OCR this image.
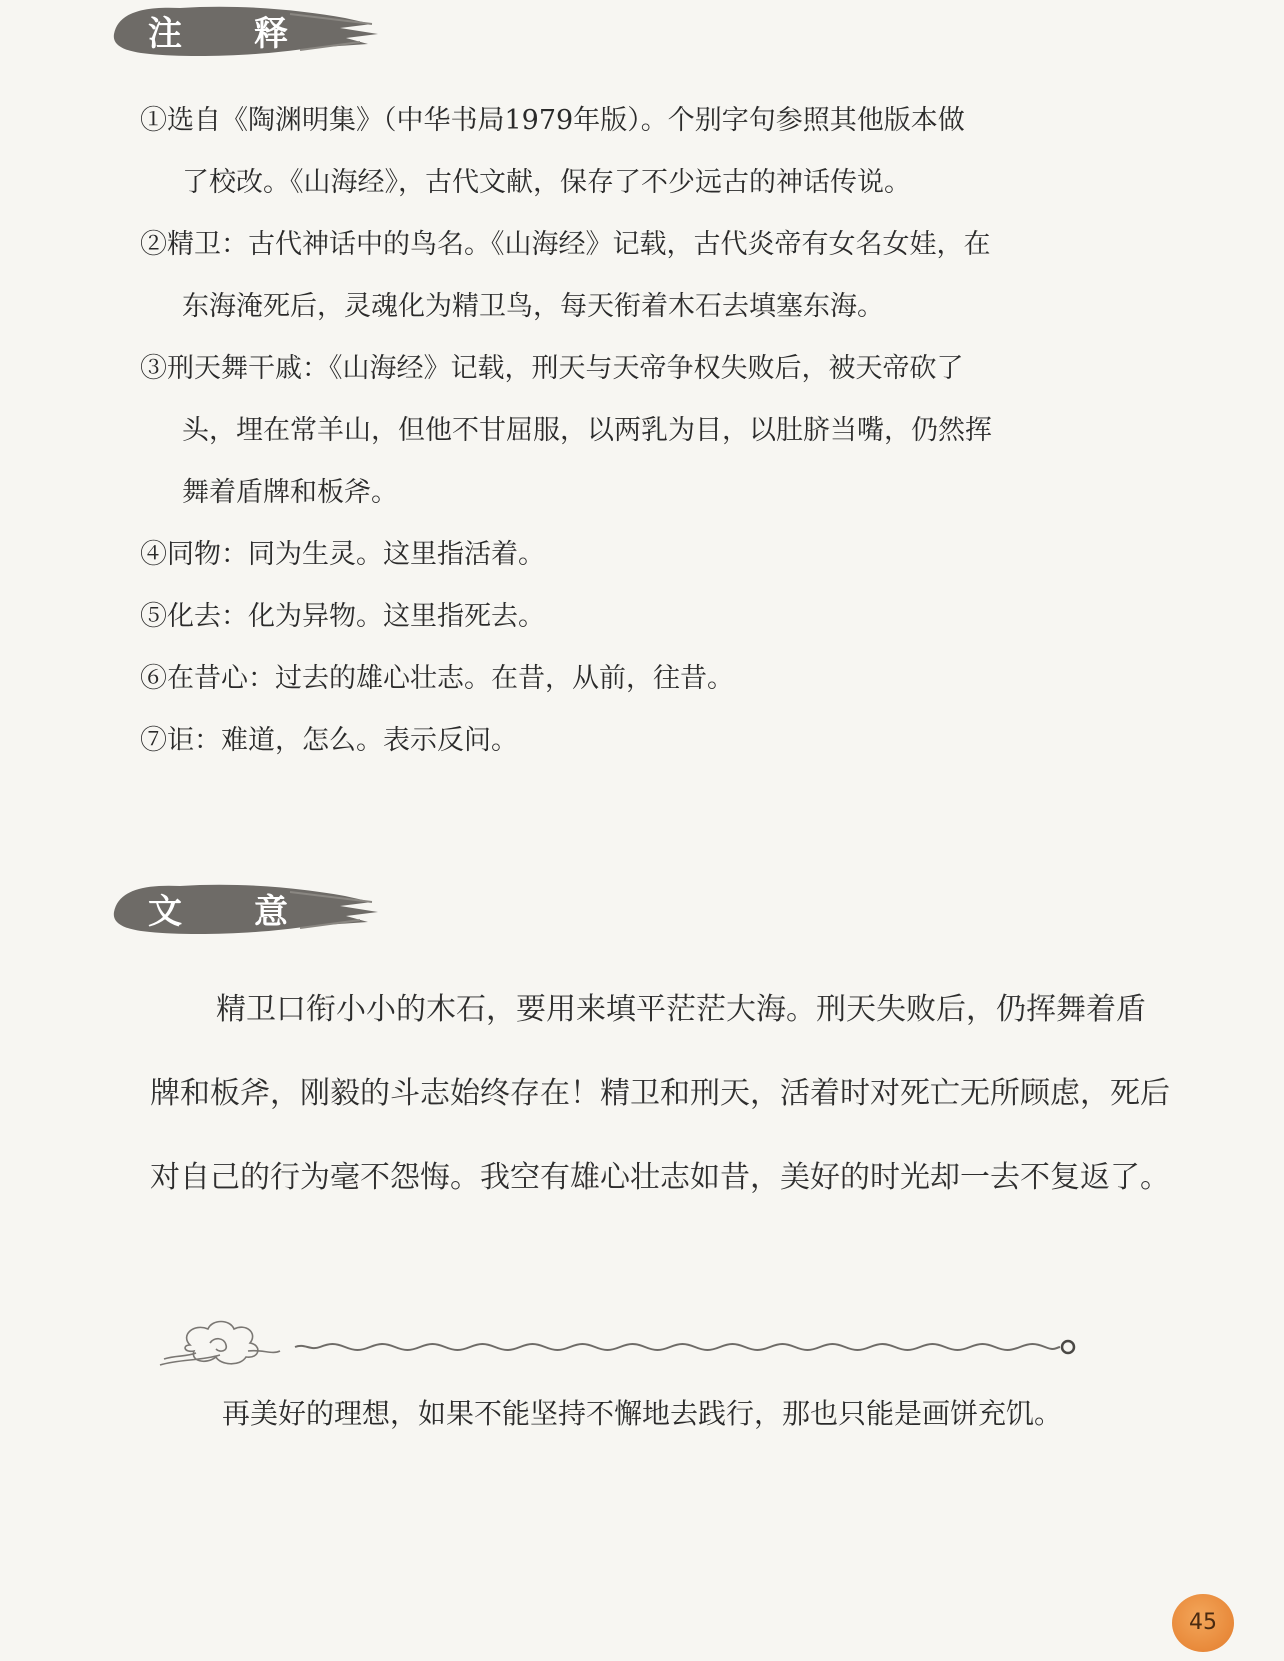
注释
①选自《陶渊明集》（中华书局1979年版）。个别字句参照其他版本做
了校改。《山海经》，古代文献，保存了不少远古的神话传说。
②精卫：古代神话中的鸟名。《山海经》记载，古代炎帝有女名女娃，在
东海淹死后，灵魂化为精卫鸟，每天衔着木石去填塞东海。
③刑天舞干戚：《山海经》记载，刑天与天帝争权失败后，被天帝砍了
头，埋在常羊山，但他不甘屈服，以两乳为目，以肚脐当嘴，仍然挥
舞着盾牌和板斧。
④同物：同为生灵。这里指活着。
⑤化去：化为异物。这里指死去。
⑥在昔心：过去的雄心壮志。在昔，从前，往昔。
⑦讵：难道，怎么。表示反问。
文意

精卫口衔小小的木石，要用来填平茫茫大海。刑天失败后，仍挥舞着盾牌和板斧，刚毅的斗志始终存在！精卫和刑天，活着时对死亡无所顾虑，死后对自己的行为毫不怨悔。我空有雄心壮志如昔，美好的时光却一去不复返了。

再美好的理想，如果不能坚持不懈地去践行，那也只能是画饼充饥。

45
